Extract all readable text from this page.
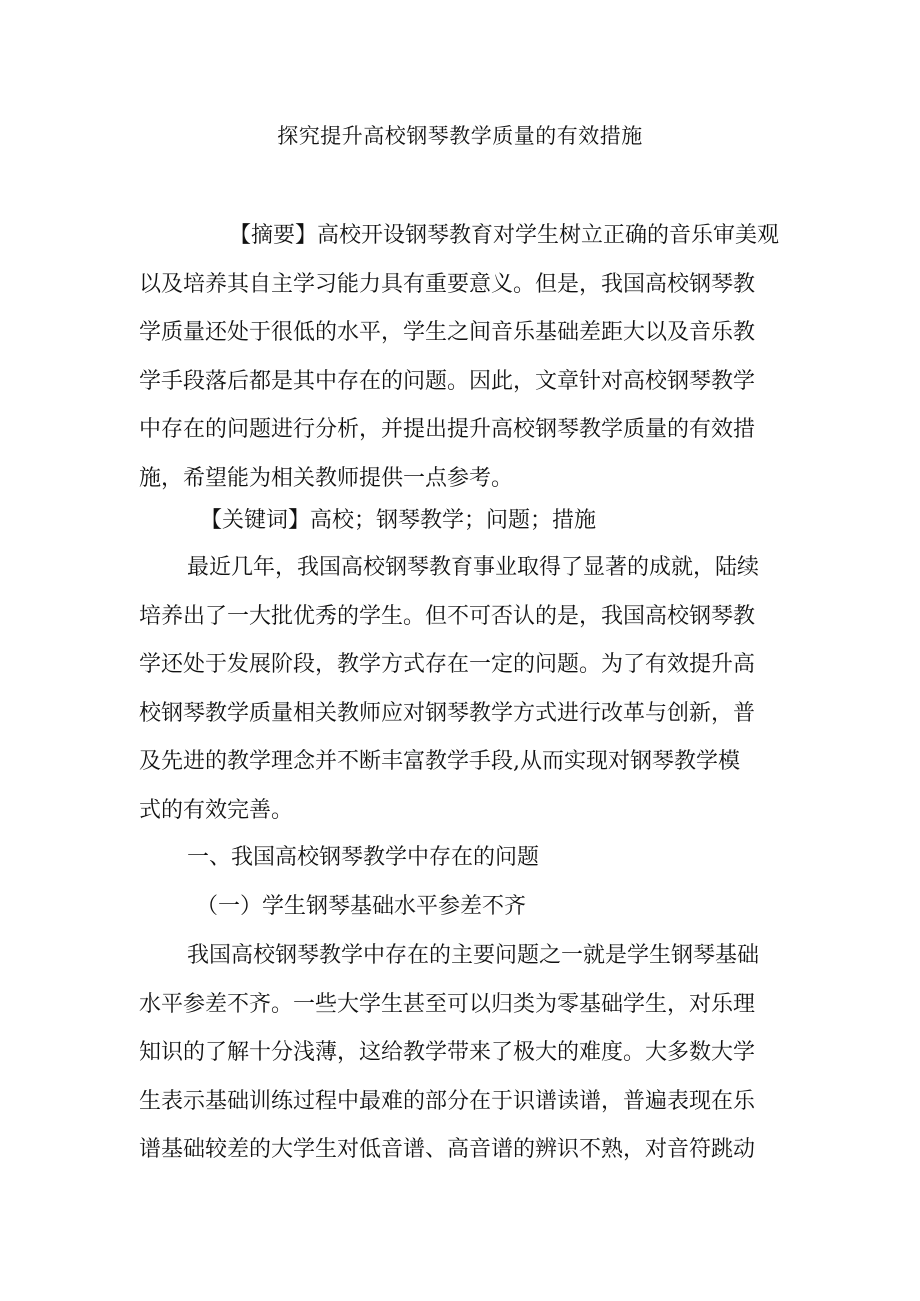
探究提升高校钢琴教学质量的有效措施
【摘要】高校开设钢琴教育对学生树立正确的音乐审美观
以及培养其自主学习能力具有重要意义。但是，我国高校钢琴教
学质量还处于很低的水平，学生之间音乐基础差距大以及音乐教
学手段落后都是其中存在的问题。因此，文章针对高校钢琴教学
中存在的问题进行分析，并提出提升高校钢琴教学质量的有效措
施，希望能为相关教师提供一点参考。
【关键词】高校；钢琴教学；问题；措施
最近几年，我国高校钢琴教育事业取得了显著的成就，陆续
培养出了一大批优秀的学生。但不可否认的是，我国高校钢琴教
学还处于发展阶段，教学方式存在一定的问题。为了有效提升高
校钢琴教学质量相关教师应对钢琴教学方式进行改革与创新，普
及先进的教学理念并不断丰富教学手段,从而实现对钢琴教学模
式的有效完善。
一、我国高校钢琴教学中存在的问题
（一）学生钢琴基础水平参差不齐
我国高校钢琴教学中存在的主要问题之一就是学生钢琴基础
水平参差不齐。一些大学生甚至可以归类为零基础学生，对乐理
知识的了解十分浅薄，这给教学带来了极大的难度。大多数大学
生表示基础训练过程中最难的部分在于识谱读谱，普遍表现在乐
谱基础较差的大学生对低音谱、高音谱的辨识不熟，对音符跳动
